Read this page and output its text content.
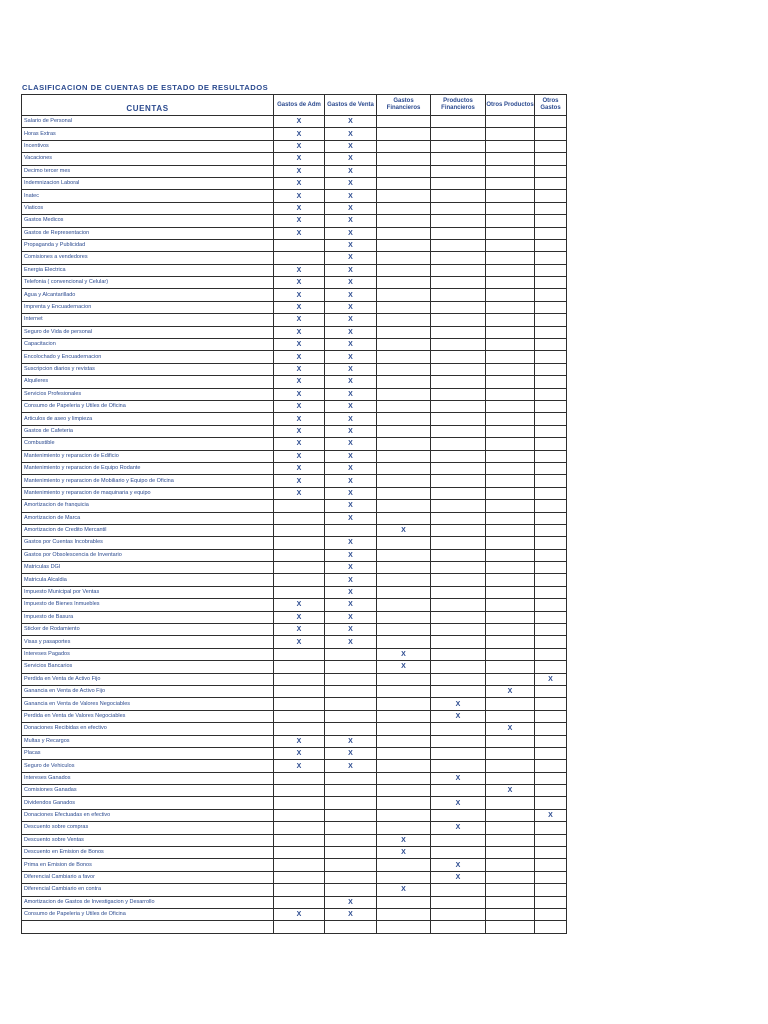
CLASIFICACION DE CUENTAS DE ESTADO DE RESULTADOS
CUENTAS	Gastos de Adm	Gastos de Venta	Gastos Financieros	Productos Financieros	Otros Productos	Otros Gastos
Salario de Personal	X	X				
Horas Extras	X	X				
Incentivos	X	X				
Vacaciones	X	X				
Decimo tercer mes	X	X				
Indemnizacion Laboral	X	X				
Inatec	X	X				
Viaticos	X	X				
Gastos Medicos	X	X				
Gastos de Representacion	X	X				
Propaganda y Publicidad		X				
Comisiones a vendedores		X				
Energia Electrica	X	X				
Telefonia ( convencional y Celular)	X	X				
Agua y Alcantarillado	X	X				
Imprenta y Encuadernacion	X	X				
Internet	X	X				
Seguro de Vida de personal	X	X				
Capacitacion	X	X				
Encolochado y Encuadernacion	X	X				
Suscripcion diarios y revistas	X	X				
Alquileres	X	X				
Servicios Profesionales	X	X				
Consumo de Papeleria y Utiles de Oficina	X	X				
Articulos de aseo y limpieza	X	X				
Gastos de Cafeteria	X	X				
Combustible	X	X				
Mantenimiento y reparacion de Edificio	X	X				
Mantenimiento y reparacion de Equipo Rodante	X	X				
Mantenimiento y reparacion de Mobiliario y Equipo de Oficina	X	X				
Mantenimiento y reparacion de maquinaria y equipo	X	X				
Amortizacion de franquicia		X				
Amortizacion de Marca		X				
Amortizacion de Credito Mercantil			X			
Gastos por Cuentas Incobrables		X				
Gastos por Obsolescencia de Inventario		X				
Matriculas DGI		X				
Matricula Alcaldia		X				
Impuesto Municipal por Ventas		X				
Impuesto de Bienes Inmuebles	X	X				
Impuesto de Basura	X	X				
Sticker de Rodamiento	X	X				
Visas y pasaportes	X	X				
Intereses Pagados			X			
Servicios Bancarios			X			
Perdida en Venta de Activo Fijo						X
Ganancia en Venta de Activo Fijo					X	
Ganancia en Venta de Valores Negociables				X		
Perdida en Venta de Valores Negociables				X		
Donaciones Recibidas en efectivo					X	
Multas y Recargos	X	X				
Placas	X	X				
Seguro de Vehiculos	X	X				
Intereses Ganados				X		
Comisiones Ganadas					X	
Dividendos Ganados				X		
Donaciones Efectuadas en efectivo						X
Descuento sobre compras				X		
Descuento sobre Ventas			X			
Descuento en Emision de Bonos			X			
Prima en Emision de Bonos				X		
Diferencial Cambiario a favor				X		
Diferencial Cambiario en contra			X			
Amortizacion de Gastos de Investigacion y Desarrollo		X				
Consumo de Papeleria y Utiles de Oficina	X	X				
